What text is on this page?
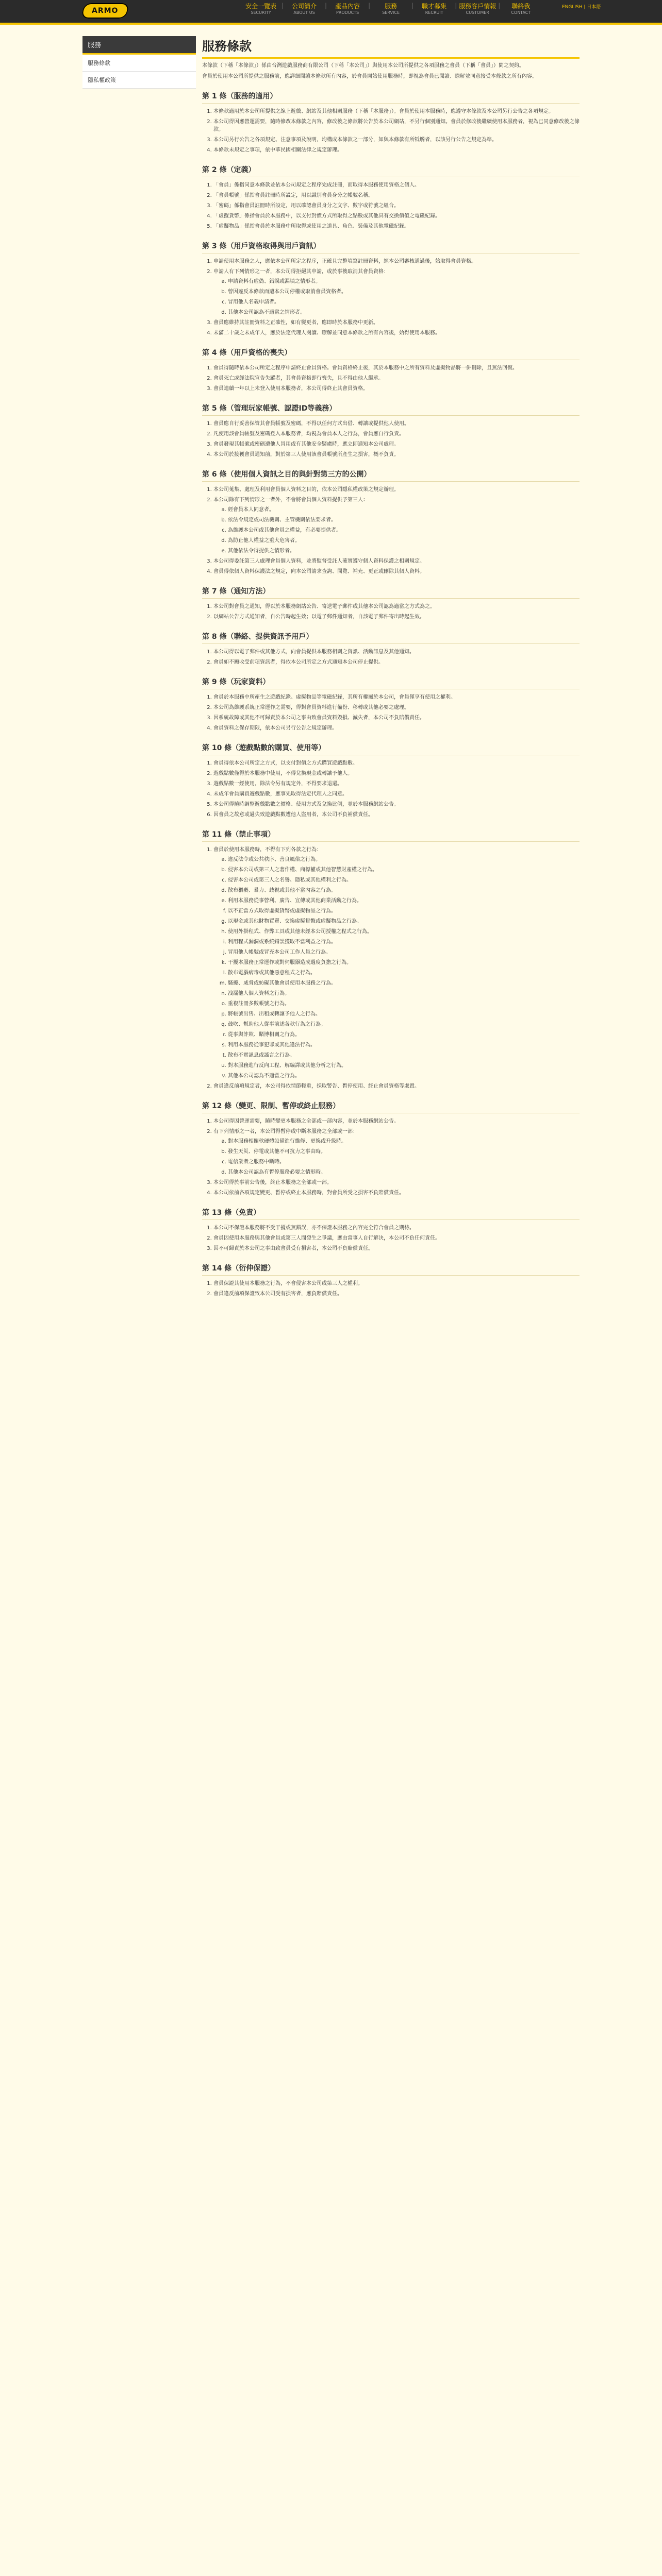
ARMO
安全一覽表
SECURITY
|	公司簡介
ABOUT US
|	產品內容
PRODUCTS
|	服務
SERVICE
|	職才募集
RECRUIT
| 服務客戶情報
CUSTOMER
|	聯絡我
CONTACT
ENGLISH | 日本語
服務
服務條款
隱私權政策
服務條款

本條款（下稱「本條款」）係由台灣遊戲服務商有限公司（下稱「本公司」）與使用本公司所提供之各項服務之會員（下稱「會員」）間之契約。

會員於使用本公司所提供之服務前，應詳細閱讀本條款所有內容，於會員開始使用服務時，即視為會員已閱讀、瞭解並同意接受本條款之所有內容。

第 1 條（服務的適用）
1. 本條款適用於本公司所提供之線上遊戲、網站及其他相關服務（下稱「本服務」）。會員於使用本服務時，應遵守本條款及本公司另行公告之各項規定。
2. 本公司得因應營運需要，隨時修改本條款之內容，修改後之條款將公告於本公司網站，不另行個別通知。會員於修改後繼續使用本服務者，視為已同意修改後之條款。
3. 本公司另行公告之各項規定、注意事項及說明，均構成本條款之一部分，如與本條款有所牴觸者，以該另行公告之規定為準。
4. 本條款未規定之事項，依中華民國相關法律之規定辦理。
第 2 條（定義）
1. 「會員」係指同意本條款並依本公司規定之程序完成註冊，而取得本服務使用資格之個人。
2. 「會員帳號」係指會員註冊時所設定，用以識別會員身分之帳號名稱。
3. 「密碼」係指會員註冊時所設定，用以確認會員身分之文字、數字或符號之組合。
4. 「虛擬貨幣」係指會員於本服務中，以支付對價方式所取得之點數或其他具有交換價值之電磁紀錄。
5. 「虛擬物品」係指會員於本服務中所取得或使用之道具、角色、裝備及其他電磁紀錄。
第 3 條（用戶資格取得與用戶資訊）
1. 申請使用本服務之人，應依本公司所定之程序，正確且完整填寫註冊資料，經本公司審核通過後，始取得會員資格。
2. 申請人有下列情形之一者，本公司得拒絕其申請，或於事後取消其會員資格：
a. 申請資料有虛偽、錯誤或漏填之情形者。
b. 曾因違反本條款而遭本公司停權或取消會員資格者。
c. 冒用他人名義申請者。
d. 其他本公司認為不適當之情形者。
3. 會員應維持其註冊資料之正確性，如有變更者，應即時於本服務中更新。
4. 未滿二十歲之未成年人，應於法定代理人閱讀、瞭解並同意本條款之所有內容後，始得使用本服務。
第 4 條（用戶資格的喪失）
1. 會員得隨時依本公司所定之程序申請終止會員資格。會員資格終止後，其於本服務中之所有資料及虛擬物品將一併刪除，且無法回復。
2. 會員死亡或經法院宣告失蹤者，其會員資格即行喪失，且不得由他人繼承。
3. 會員連續一年以上未登入使用本服務者，本公司得終止其會員資格。
第 5 條（管理玩家帳號、認證ID等義務）
1. 會員應自行妥善保管其會員帳號及密碼，不得以任何方式出借、轉讓或提供他人使用。
2. 凡使用該會員帳號及密碼登入本服務者，均視為會員本人之行為，會員應自行負責。
3. 會員發現其帳號或密碼遭他人冒用或有其他安全疑慮時，應立即通知本公司處理。
4. 本公司於接獲會員通知前，對於第三人使用該會員帳號所產生之損害，概不負責。
第 6 條（使用個人資訊之目的與針對第三方的公開）
1. 本公司蒐集、處理及利用會員個人資料之目的，依本公司隱私權政策之規定辦理。
2. 本公司除有下列情形之一者外，不會將會員個人資料提供予第三人：
a. 經會員本人同意者。
b. 依法令規定或司法機關、主管機關依法要求者。
c. 為維護本公司或其他會員之權益，有必要提供者。
d. 為防止他人權益之重大危害者。
e. 其他依法令得提供之情形者。
3. 本公司得委託第三人處理會員個人資料，並將監督受託人確實遵守個人資料保護之相關規定。
4. 會員得依個人資料保護法之規定，向本公司請求查詢、閱覽、補充、更正或刪除其個人資料。
第 7 條（通知方法）
1. 本公司對會員之通知，得以於本服務網站公告、寄送電子郵件或其他本公司認為適當之方式為之。
2. 以網站公告方式通知者，自公告時起生效；以電子郵件通知者，自該電子郵件寄出時起生效。
第 8 條（聯絡、提供資訊予用戶）
1. 本公司得以電子郵件或其他方式，向會員提供本服務相關之資訊、活動訊息及其他通知。
2. 會員如不願收受前項資訊者，得依本公司所定之方式通知本公司停止提供。
第 9 條（玩家資料）
1. 會員於本服務中所產生之遊戲紀錄、虛擬物品等電磁紀錄，其所有權屬於本公司，會員僅享有使用之權利。
2. 本公司為維護系統正常運作之需要，得對會員資料進行備份、移轉或其他必要之處理。
3. 因系統故障或其他不可歸責於本公司之事由致會員資料毀損、滅失者，本公司不負賠償責任。
4. 會員資料之保存期限，依本公司另行公告之規定辦理。
第 10 條（遊戲點數的購買、使用等）
1. 會員得依本公司所定之方式，以支付對價之方式購買遊戲點數。
2. 遊戲點數僅得於本服務中使用，不得兌換現金或轉讓予他人。
3. 遊戲點數一經使用，除法令另有規定外，不得要求退還。
4. 未成年會員購買遊戲點數，應事先取得法定代理人之同意。
5. 本公司得隨時調整遊戲點數之價格、使用方式及兌換比例，並於本服務網站公告。
6. 因會員之故意或過失致遊戲點數遭他人盜用者，本公司不負補償責任。
第 11 條（禁止事項）
1. 會員於使用本服務時，不得有下列各款之行為：
a. 違反法令或公共秩序、善良風俗之行為。
b. 侵害本公司或第三人之著作權、商標權或其他智慧財產權之行為。
c. 侵害本公司或第三人之名譽、隱私或其他權利之行為。
d. 散布猥褻、暴力、歧視或其他不當內容之行為。
e. 利用本服務從事營利、廣告、宣傳或其他商業活動之行為。
f. 以不正當方式取得虛擬貨幣或虛擬物品之行為。
g. 以現金或其他財物買賣、交換虛擬貨幣或虛擬物品之行為。
h. 使用外掛程式、作弊工具或其他未經本公司授權之程式之行為。
i. 利用程式漏洞或系統錯誤獲取不當利益之行為。
j. 冒用他人帳號或冒充本公司工作人員之行為。
k. 干擾本服務正常運作或對伺服器造成過度負擔之行為。
l. 散布電腦病毒或其他惡意程式之行為。
m. 騷擾、威脅或妨礙其他會員使用本服務之行為。
n. 洩漏他人個人資料之行為。
o. 重複註冊多數帳號之行為。
p. 將帳號出售、出租或轉讓予他人之行為。
q. 鼓吹、幫助他人從事前述各款行為之行為。
r. 從事與詐欺、賭博相關之行為。
s. 利用本服務從事犯罪或其他違法行為。
t. 散布不實訊息或謠言之行為。
u. 對本服務進行反向工程、解編譯或其他分析之行為。
v. 其他本公司認為不適當之行為。
2. 會員違反前項規定者，本公司得依情節輕重，採取警告、暫停使用、終止會員資格等處置。
第 12 條（變更、限制、暫停或終止服務）
1. 本公司得因營運需要，隨時變更本服務之全部或一部內容，並於本服務網站公告。
2. 有下列情形之一者，本公司得暫停或中斷本服務之全部或一部：
a. 對本服務相關軟硬體設備進行維修、更換或升級時。
b. 發生天災、停電或其他不可抗力之事由時。
c. 電信業者之服務中斷時。
d. 其他本公司認為有暫停服務必要之情形時。
3. 本公司得於事前公告後，終止本服務之全部或一部。
4. 本公司依前各項規定變更、暫停或終止本服務時，對會員所受之損害不負賠償責任。
第 13 條（免責）
1. 本公司不保證本服務將不受干擾或無錯誤，亦不保證本服務之內容完全符合會員之期待。
2. 會員因使用本服務與其他會員或第三人間發生之爭議，應由當事人自行解決，本公司不負任何責任。
3. 因不可歸責於本公司之事由致會員受有損害者，本公司不負賠償責任。
第 14 條（衍伸保證）
1. 會員保證其使用本服務之行為，不會侵害本公司或第三人之權利。
2. 會員違反前項保證致本公司受有損害者，應負賠償責任。
